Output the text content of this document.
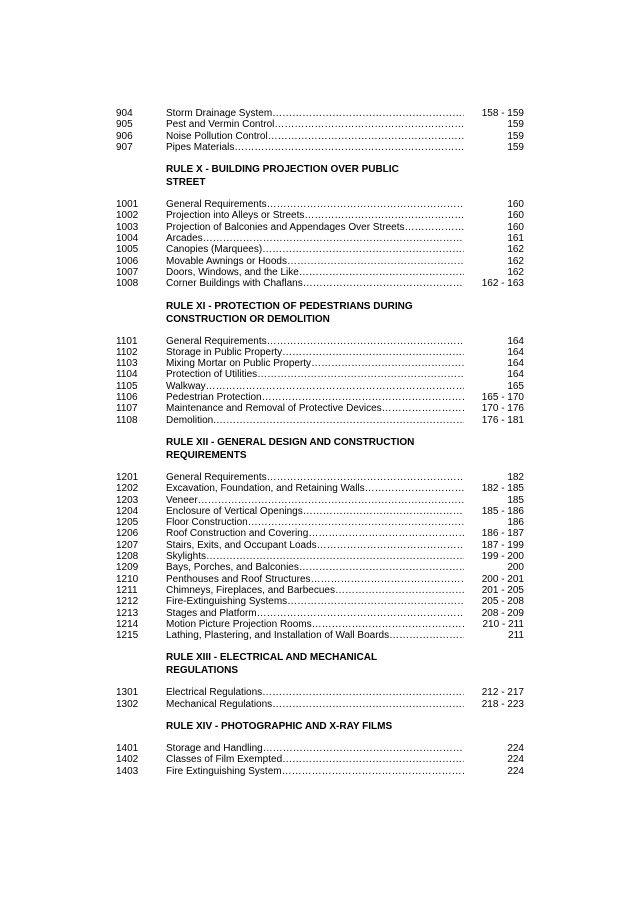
904	Storm Drainage System …………………………………………………………………………………………………………………………………………	158 - 159
905	Pest and Vermin Control …………………………………………………………………………………………………………………………………………	159
906	Noise Pollution Control …………………………………………………………………………………………………………………………………………	159
907	Pipes Materials …………………………………………………………………………………………………………………………………………	159
RULE X - BUILDING PROJECTION OVER PUBLIC STREET
1001	General Requirements …………………………………………………………………………………………………………………………………………	160
1002	Projection into Alleys or Streets …………………………………………………………………………………………………………………………………………	160
1003	Projection of Balconies and Appendages Over Streets …………………………………………………………………………………………………………………………………………	160
1004	Arcades …………………………………………………………………………………………………………………………………………	161
1005	Canopies (Marquees) …………………………………………………………………………………………………………………………………………	162
1006	Movable Awnings or Hoods …………………………………………………………………………………………………………………………………………	162
1007	Doors, Windows, and the Like …………………………………………………………………………………………………………………………………………	162
1008	Corner Buildings with Chaflans …………………………………………………………………………………………………………………………………………	162 - 163
RULE XI - PROTECTION OF PEDESTRIANS DURING CONSTRUCTION OR DEMOLITION
1101	General Requirements …………………………………………………………………………………………………………………………………………	164
1102	Storage in Public Property …………………………………………………………………………………………………………………………………………	164
1103	Mixing Mortar on Public Property …………………………………………………………………………………………………………………………………………	164
1104	Protection of Utilities …………………………………………………………………………………………………………………………………………	164
1105	Walkway …………………………………………………………………………………………………………………………………………	165
1106	Pedestrian Protection …………………………………………………………………………………………………………………………………………	165 - 170
1107	Maintenance and Removal of Protective Devices …………………………………………………………………………………………………………………………………………	170 - 176
1108	Demolition. …………………………………………………………………………………………………………………………………………	176 - 181
RULE XII - GENERAL DESIGN AND CONSTRUCTION REQUIREMENTS
1201	General Requirements …………………………………………………………………………………………………………………………………………	182
1202	Excavation, Foundation, and Retaining Walls …………………………………………………………………………………………………………………………………………	182 - 185
1203	Veneer …………………………………………………………………………………………………………………………………………	185
1204	Enclosure of Vertical Openings …………………………………………………………………………………………………………………………………………	185 - 186
1205	Floor Construction …………………………………………………………………………………………………………………………………………	186
1206	Roof Construction and Covering …………………………………………………………………………………………………………………………………………	186 - 187
1207	Stairs, Exits, and Occupant Loads …………………………………………………………………………………………………………………………………………	187 - 199
1208	Skylights …………………………………………………………………………………………………………………………………………	199 - 200
1209	Bays, Porches, and Balconies …………………………………………………………………………………………………………………………………………	200
1210	Penthouses and Roof Structures …………………………………………………………………………………………………………………………………………	200 - 201
1211	Chimneys, Fireplaces, and Barbecues …………………………………………………………………………………………………………………………………………	201 - 205
1212	Fire-Extinguishing Systems …………………………………………………………………………………………………………………………………………	205 - 208
1213	Stages and Platform …………………………………………………………………………………………………………………………………………	208 - 209
1214	Motion Picture Projection Rooms …………………………………………………………………………………………………………………………………………	210 - 211
1215	Lathing, Plastering, and Installation of Wall Boards …………………………………………………………………………………………………………………………………………	211
RULE XIII - ELECTRICAL AND MECHANICAL REGULATIONS
1301	Electrical Regulations …………………………………………………………………………………………………………………………………………	212 - 217
1302	Mechanical Regulations …………………………………………………………………………………………………………………………………………	218 - 223
RULE XIV - PHOTOGRAPHIC AND X-RAY FILMS
1401	Storage and Handling …………………………………………………………………………………………………………………………………………	224
1402	Classes of Film Exempted …………………………………………………………………………………………………………………………………………	224
1403	Fire Extinguishing System …………………………………………………………………………………………………………………………………………	224
